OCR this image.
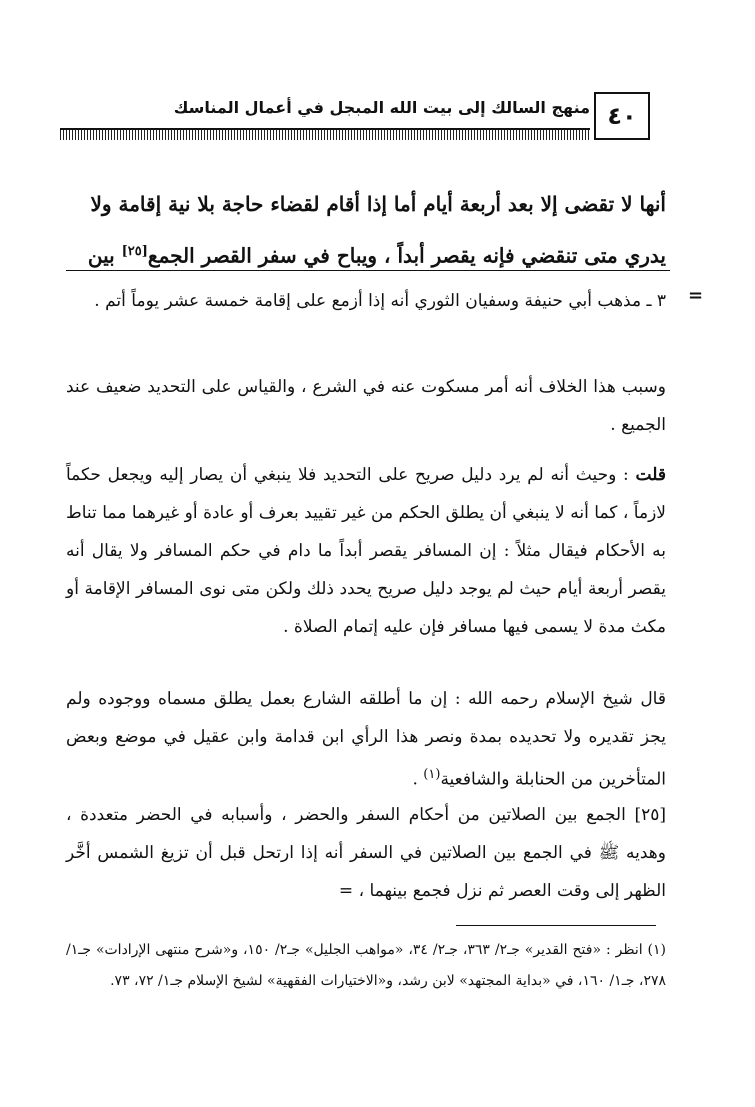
منهج السالك إلى بيت الله المبجل في أعمال المناسك ٤٠
أنها لا تقضى إلا بعد أربعة أيام أما إذا أقام لقضاء حاجة بلا نية إقامة ولا
يدري متى تنقضي فإنه يقصر أبداً ، ويباح في سفر القصر الجمع[٢٥] بين
=
٣ ـ مذهب أبي حنيفة وسفيان الثوري أنه إذا أزمع على إقامة خمسة عشر يوماً أتم .
وسبب هذا الخلاف أنه أمر مسكوت عنه في الشرع ، والقياس على التحديد ضعيف عند الجميع .
قلت : وحيث أنه لم يرد دليل صريح على التحديد فلا ينبغي أن يصار إليه ويجعل حكماً لازماً ، كما أنه لا ينبغي أن يطلق الحكم من غير تقييد بعرف أو عادة أو غيرهما مما تناط به الأحكام فيقال مثلاً : إن المسافر يقصر أبداً ما دام في حكم المسافر ولا يقال أنه يقصر أربعة أيام حيث لم يوجد دليل صريح يحدد ذلك ولكن متى نوى المسافر الإقامة أو مكث مدة لا يسمى فيها مسافر فإن عليه إتمام الصلاة .
قال شيخ الإسلام رحمه الله : إن ما أطلقه الشارع بعمل يطلق مسماه ووجوده ولم يجز تقديره ولا تحديده بمدة ونصر هذا الرأي ابن قدامة وابن عقيل في موضع وبعض المتأخرين من الحنابلة والشافعية$^{(١)}$ .
[٢٥] الجمع بين الصلاتين من أحكام السفر والحضر ، وأسبابه في الحضر متعددة ، وهديه ﷺ في الجمع بين الصلاتين في السفر أنه إذا ارتحل قبل أن تزيغ الشمس أخَّر الظهر إلى وقت العصر ثم نزل فجمع بينهما ، =
(١) انظر : «فتح القدير» جـ٢/ ٣٦٣، جـ٢/ ٣٤، «مواهب الجليل» جـ٢/ ١٥٠، و«شرح منتهى الإرادات» جـ١/ ٢٧٨، جـ١/ ١٦٠، في «بداية المجتهد» لابن رشد، و«الاختيارات الفقهية» لشيخ الإسلام جـ١/ ٧٢، ٧٣.
